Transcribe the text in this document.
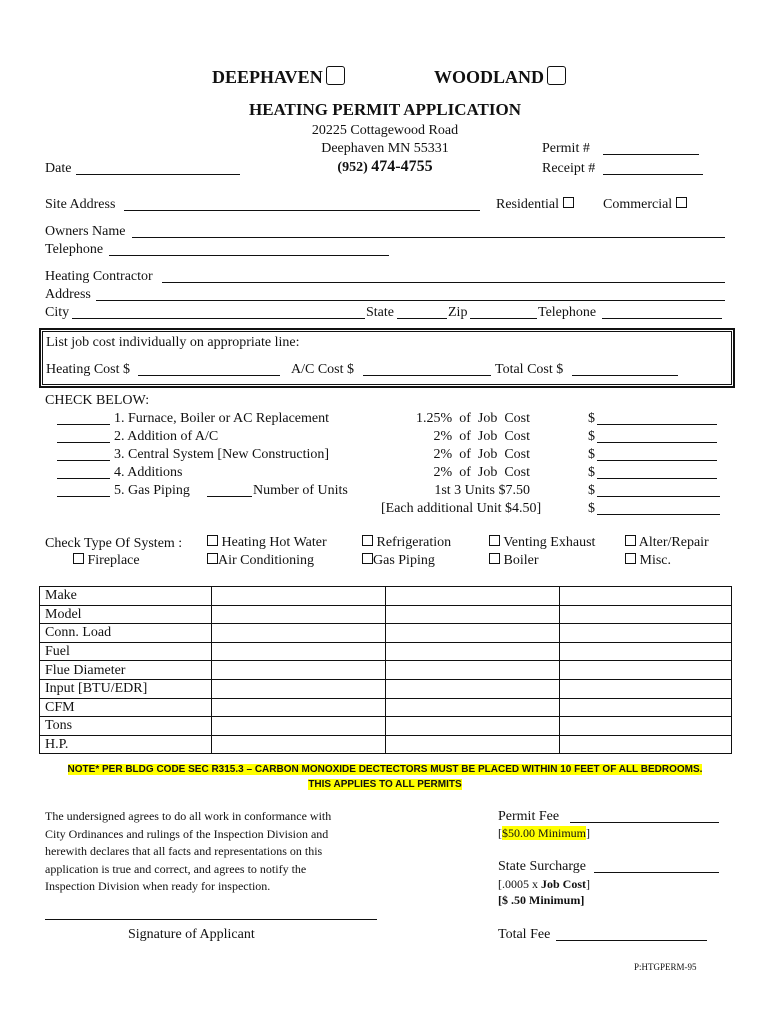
DEEPHAVEN	WOODLAND
HEATING PERMIT APPLICATION
20225 Cottagewood Road
Deephaven MN 55331
(952) 474-4755
Date
Permit #
Receipt #
Site Address	Residential	Commercial
Owners Name
Telephone
Heating Contractor
Address
City	State	Zip	Telephone
List job cost individually on appropriate line:
Heating Cost $	A/C Cost $	Total Cost $
CHECK BELOW:
1. Furnace, Boiler or AC Replacement	1.25%  of  Job  Cost	$
2. Addition of A/C	2%  of  Job  Cost	$
3. Central System [New Construction]	2%  of  Job  Cost	$
4. Additions	2%  of  Job  Cost	$
5. Gas Piping	Number of Units	1st 3 Units $7.50	$
[Each additional Unit $4.50]	$
Check Type Of System :	Heating Hot Water	Refrigeration	Venting Exhaust	Alter/Repair
Fireplace	Air Conditioning	Gas Piping	Boiler	Misc.
Make			
Model			
Conn. Load			
Fuel			
Flue Diameter			
Input [BTU/EDR]			
CFM			
Tons			
H.P.			
NOTE* PER BLDG CODE SEC R315.3 – CARBON MONOXIDE DECTECTORS MUST BE PLACED WITHIN 10 FEET OF ALL BEDROOMS.
THIS APPLIES TO ALL PERMITS
The undersigned agrees to do all work in conformance with
City Ordinances and rulings of the Inspection Division and
herewith declares that all facts and representations on this
application is true and correct, and agrees to notify the
Inspection Division when ready for inspection.
Signature of Applicant
Permit Fee
[$50.00 Minimum]
State Surcharge
[.0005 x Job Cost]
[$ .50 Minimum]
Total Fee
P:HTGPERM-95
